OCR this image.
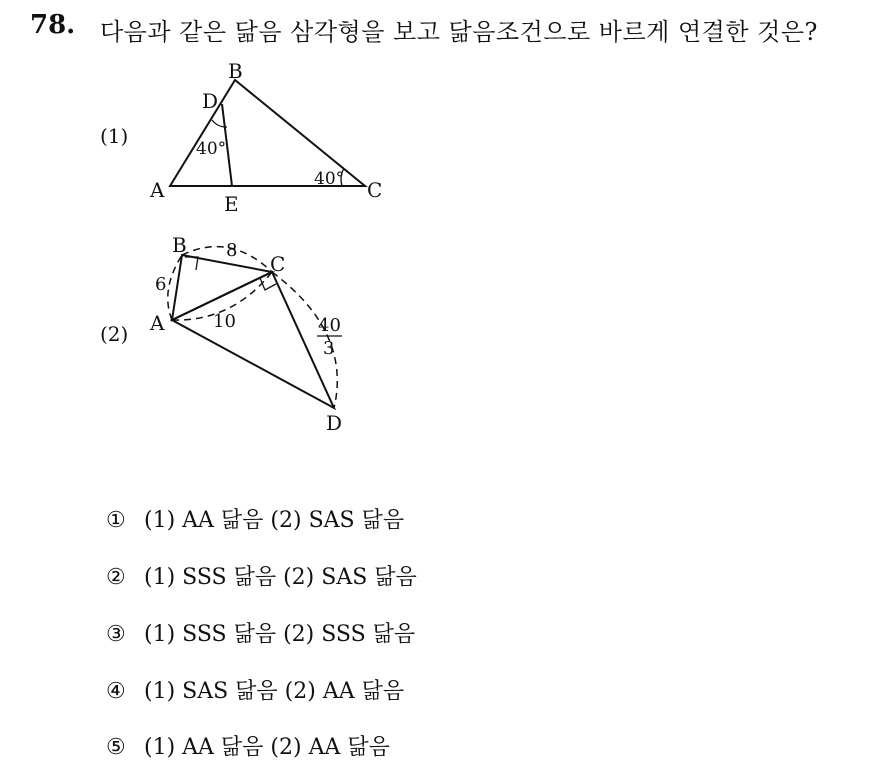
78. 다음과 같은 닮음 삼각형을 보고 닮음조건으로 바르게 연결한 것은?
(1)
(2)
B
D
A
E
C
40°
40°
B
C
A
D
6
8
10	40
3
① (1) AA 닮음 (2) SAS 닮음
② (1) SSS 닮음 (2) SAS 닮음
③ (1) SSS 닮음 (2) SSS 닮음
④ (1) SAS 닮음 (2) AA 닮음
⑤ (1) AA 닮음 (2) AA 닮음
